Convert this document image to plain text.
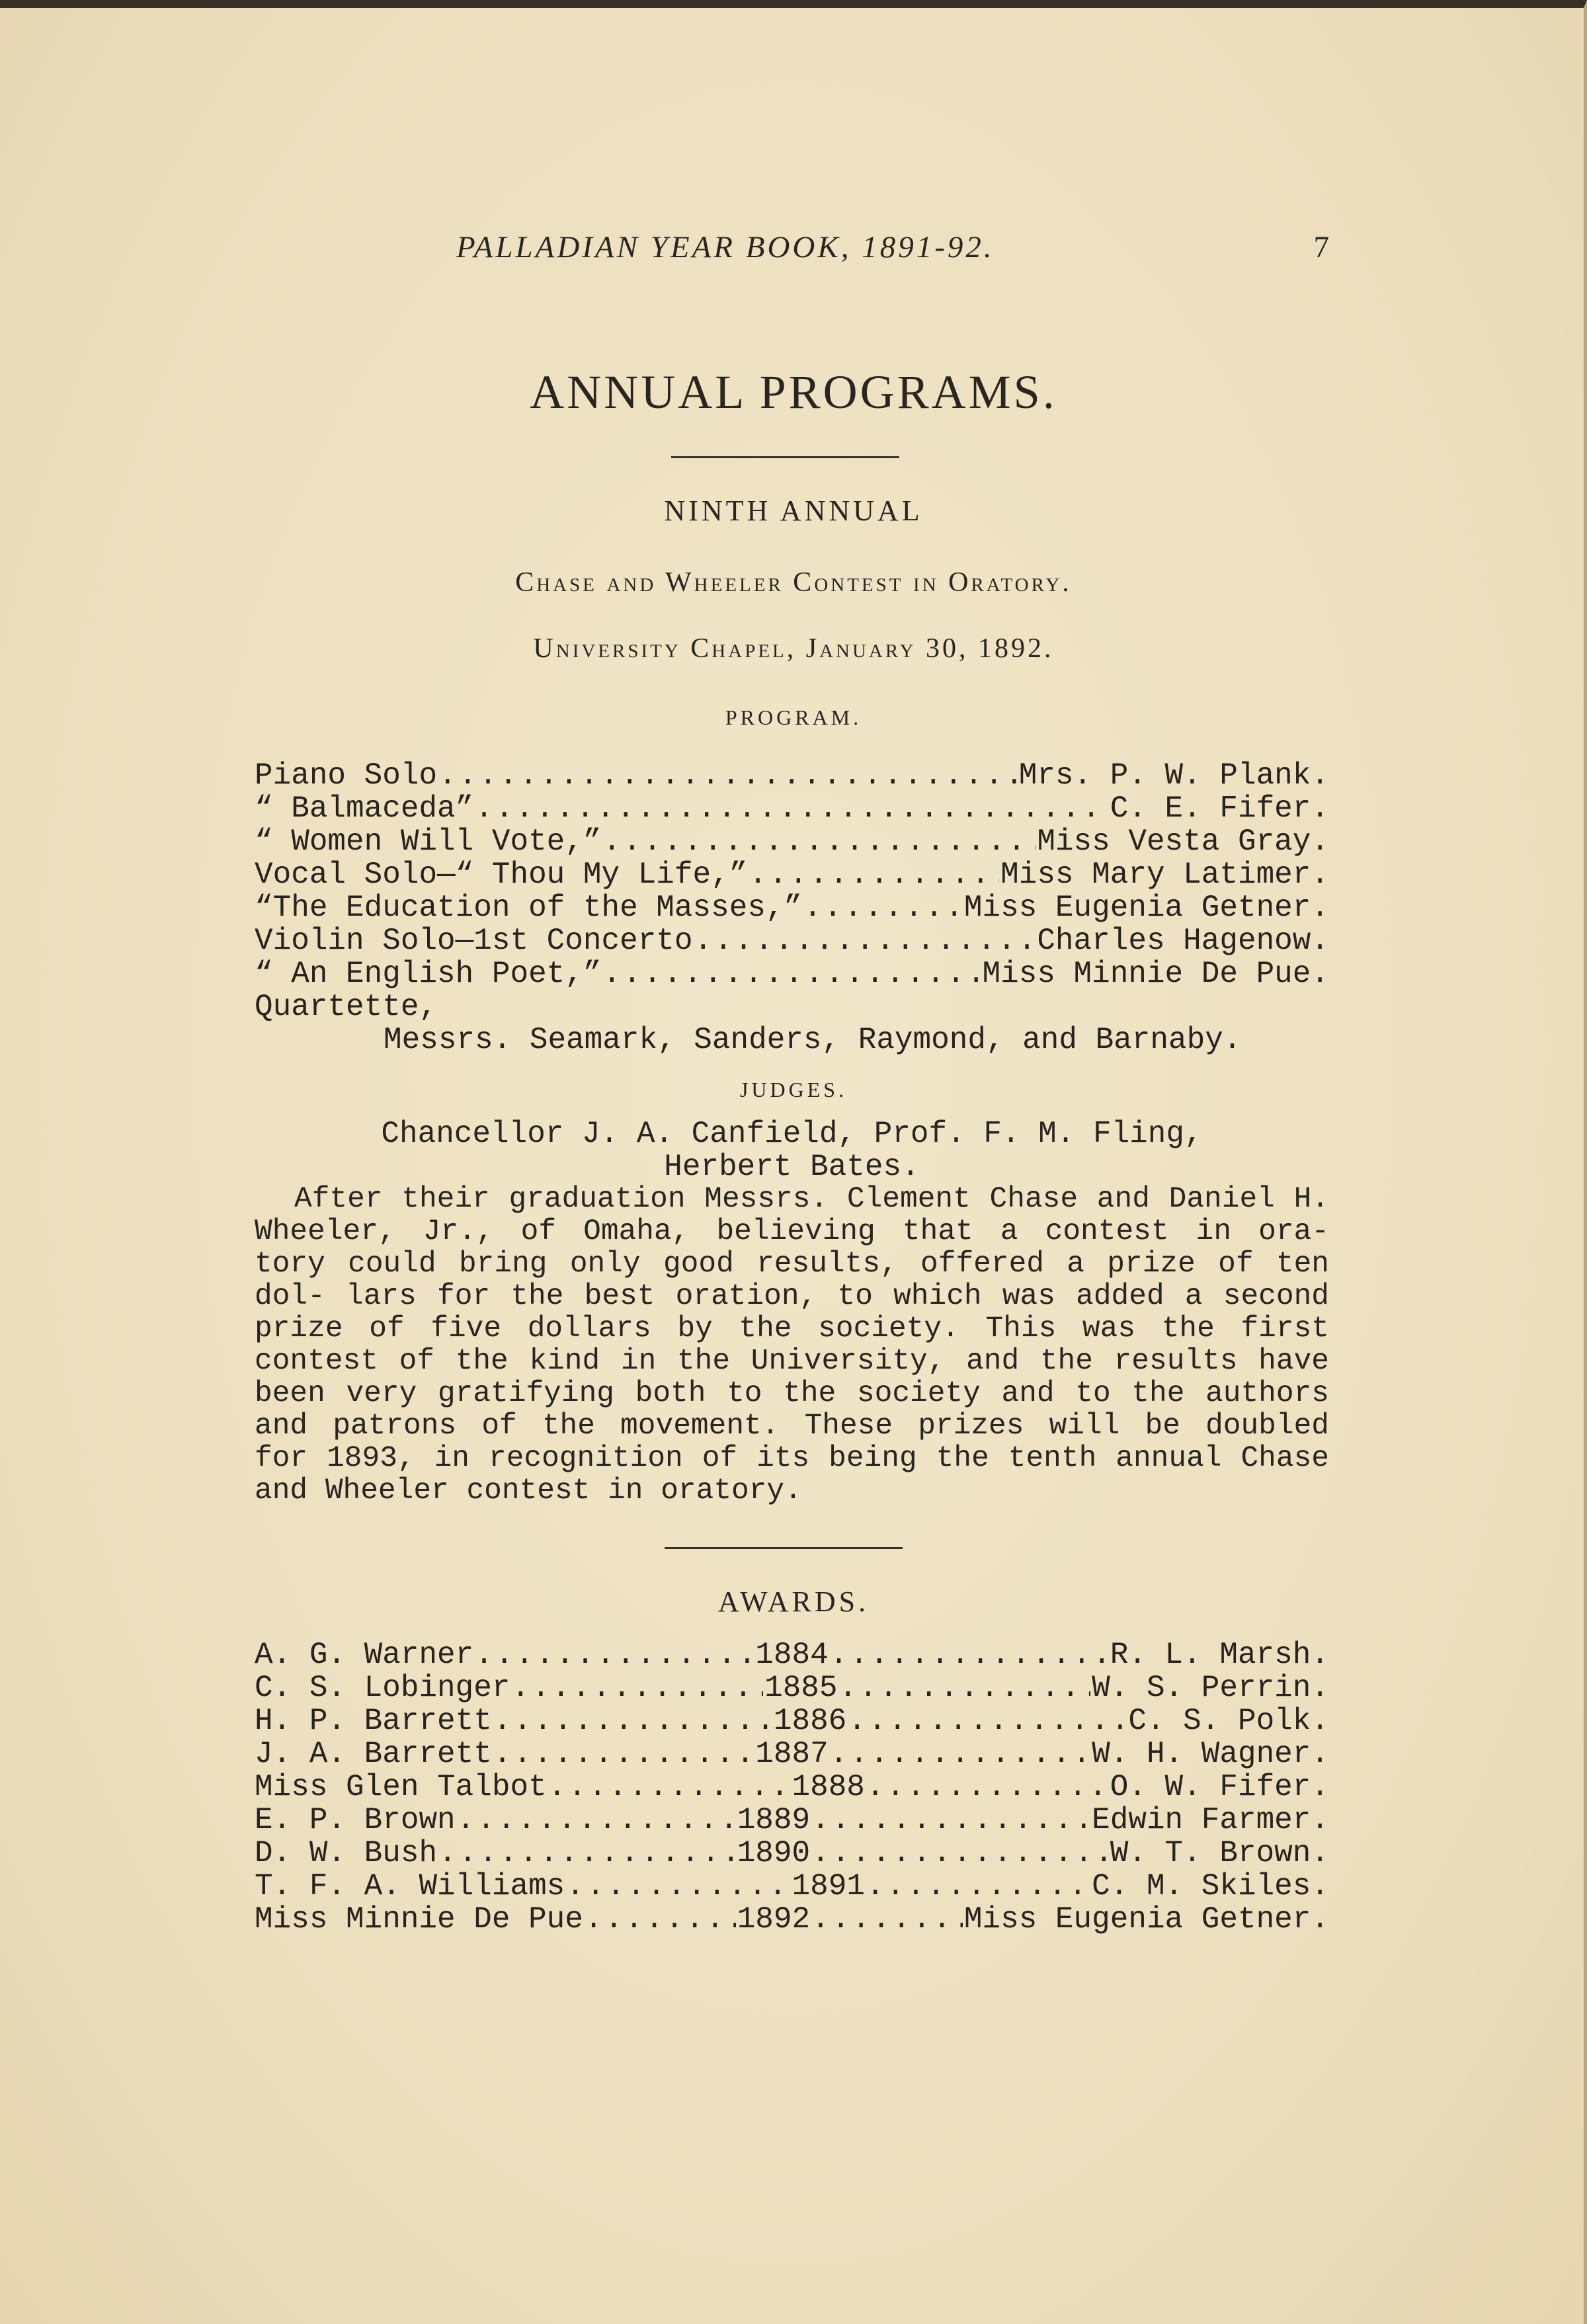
PALLADIAN YEAR BOOK, 1891-92.	7
ANNUAL PROGRAMS.
NINTH ANNUAL
Chase and Wheeler Contest in Oratory.
University Chapel, January 30, 1892.
PROGRAM.
Piano Solo .....	Mrs. P. W. Plank.
“ Balmaceda” .....	C. E. Fifer.
“ Women Will Vote,” .....	Miss Vesta Gray.
Vocal Solo—“ Thou My Life,” .....	Miss Mary Latimer.
“The Education of the Masses,” .....	Miss Eugenia Getner.
Violin Solo—1st Concerto .....	Charles Hagenow.
“ An English Poet,” .....	Miss Minnie De Pue.
Quartette,
Messrs. Seamark, Sanders, Raymond, and Barnaby.
JUDGES.
Chancellor J. A. Canfield, Prof. F. M. Fling,
Herbert Bates.
After their graduation Messrs. Clement Chase and Daniel H. Wheeler, Jr., of Omaha, believing that a contest in ora- tory could bring only good results, offered a prize of ten dol- lars for the best oration, to which was added a second prize of five dollars by the society. This was the first contest of the kind in the University, and the results have been very gratifying both to the society and to the authors and patrons of the movement. These prizes will be doubled for 1893, in recognition of its being the tenth annual Chase and Wheeler contest in oratory.
AWARDS.
A. G. Warner .....	1884 .....	R. L. Marsh.
C. S. Lobinger .....	1885 .....	W. S. Perrin.
H. P. Barrett .....	1886 .....	C. S. Polk.
J. A. Barrett .....	1887 .....	W. H. Wagner.
Miss Glen Talbot .....	1888 .....	O. W. Fifer.
E. P. Brown .....	1889 .....	Edwin Farmer.
D. W. Bush .....	1890 .....	W. T. Brown.
T. F. A. Williams .....	1891 .....	C. M. Skiles.
Miss Minnie De Pue .....	1892 .....	Miss Eugenia Getner.
